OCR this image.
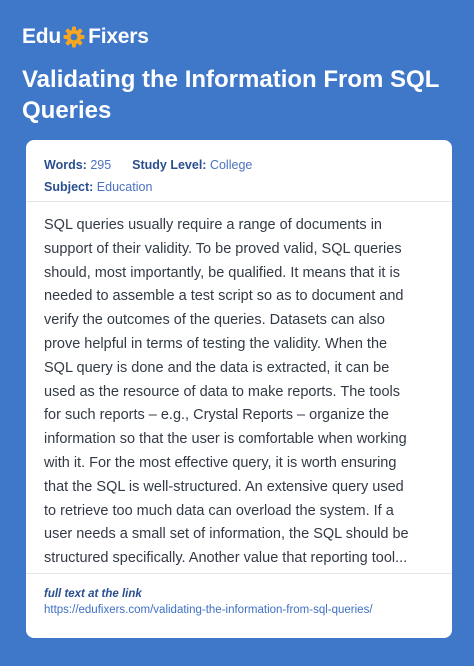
Edu Fixers
Validating the Information From SQL Queries
Words: 295 Study Level: College
Subject: Education
SQL queries usually require a range of documents in
support of their validity. To be proved valid, SQL queries
should, most importantly, be qualified. It means that it is
needed to assemble a test script so as to document and
verify the outcomes of the queries. Datasets can also
prove helpful in terms of testing the validity. When the
SQL query is done and the data is extracted, it can be
used as the resource of data to make reports. The tools
for such reports – e.g., Crystal Reports – organize the
information so that the user is comfortable when working
with it. For the most effective query, it is worth ensuring
that the SQL is well-structured. An extensive query used
to retrieve too much data can overload the system. If a
user needs a small set of information, the SQL should be
structured specifically. Another value that reporting tool...
full text at the link
https://edufixers.com/validating-the-information-from-sql-queries/
